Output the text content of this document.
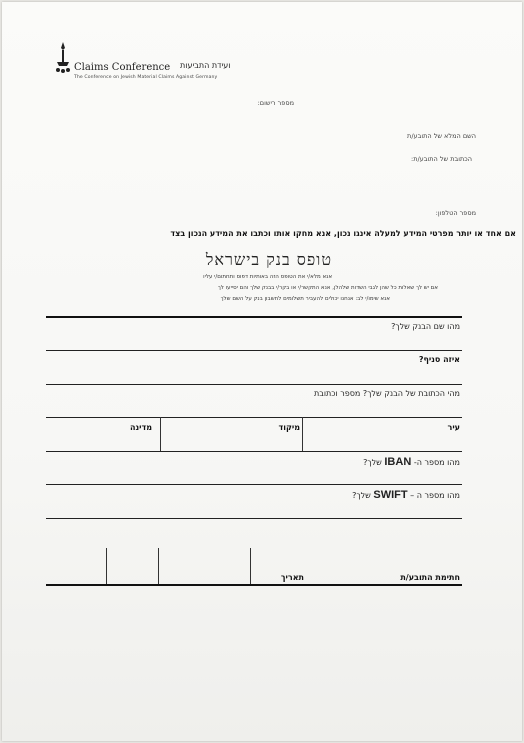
Claims Conference ועידת התביעות
The Conference on Jewish Material Claims Against Germany
מספר רישום:
השם המלא של התובע/ת
הכתובת של התובע/ת:
מספר הטלפון:
אם אחד או יותר מפרטי המידע למעלה אינגו נכון, אנא מחקו אותו וכתבו את המידע הנכון בצד
טופס בנק בישראל
אנא מלא/י את הטופס הזה באותיות דפוס ותחתום/י עליו
אם יש לך שאלות כל שהן לגבי השדות שלהלן, אנא התקשר/י או בקר/י בבנק שלך והם יסייעו לך
אנא שימו/י לב: אנחנו יכולים להעביר תשלומים לחשבון בנק על השם שלך
מהו שם הבנק שלך?
איזה סניף?
מהי הכתובת של הבנק שלך? מספר וכתובת
עיר
מיקוד
מדינה
מהו מספר ה- IBAN שלך?
מהו מספר ה – SWIFT שלך?
חתימת התובע/ת
תאריך
